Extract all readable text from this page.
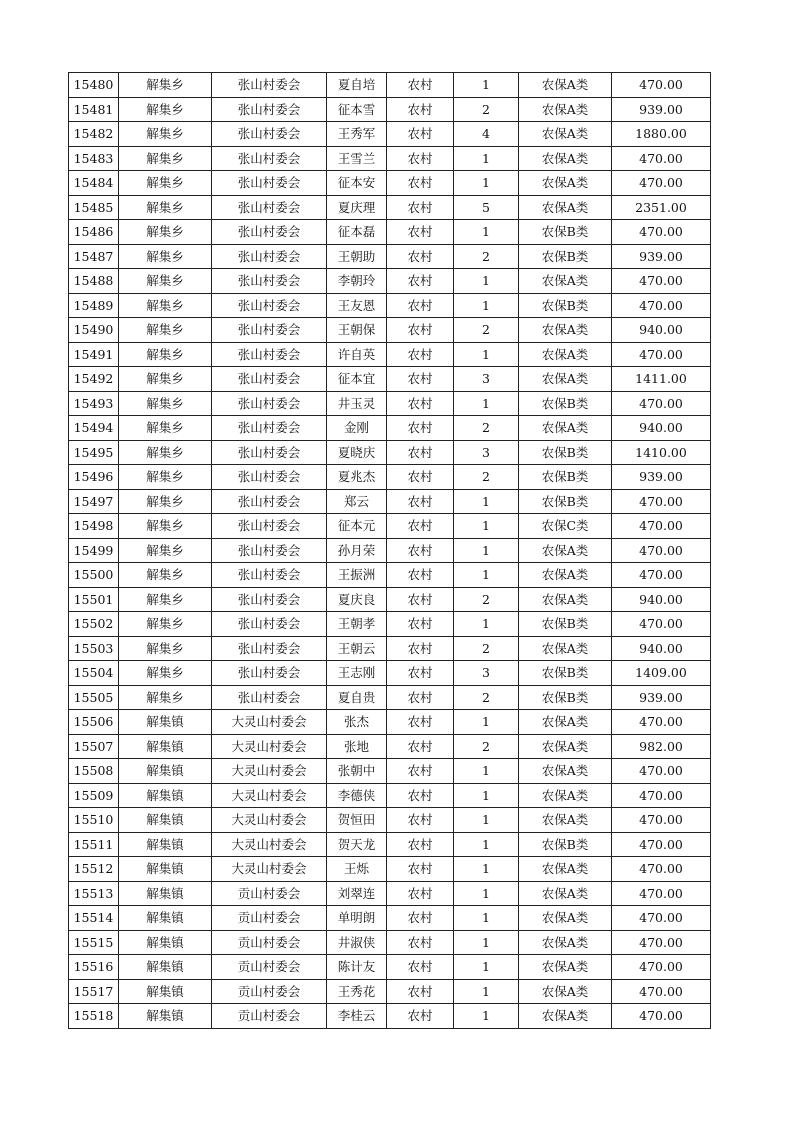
15480	解集乡	张山村委会	夏自培	农村	1	农保A类	470.00
15481	解集乡	张山村委会	征本雪	农村	2	农保A类	939.00
15482	解集乡	张山村委会	王秀军	农村	4	农保A类	1880.00
15483	解集乡	张山村委会	王雪兰	农村	1	农保A类	470.00
15484	解集乡	张山村委会	征本安	农村	1	农保A类	470.00
15485	解集乡	张山村委会	夏庆理	农村	5	农保A类	2351.00
15486	解集乡	张山村委会	征本磊	农村	1	农保B类	470.00
15487	解集乡	张山村委会	王朝助	农村	2	农保B类	939.00
15488	解集乡	张山村委会	李朝玲	农村	1	农保A类	470.00
15489	解集乡	张山村委会	王友恩	农村	1	农保B类	470.00
15490	解集乡	张山村委会	王朝保	农村	2	农保A类	940.00
15491	解集乡	张山村委会	许自英	农村	1	农保A类	470.00
15492	解集乡	张山村委会	征本宜	农村	3	农保A类	1411.00
15493	解集乡	张山村委会	井玉灵	农村	1	农保B类	470.00
15494	解集乡	张山村委会	金刚	农村	2	农保A类	940.00
15495	解集乡	张山村委会	夏晓庆	农村	3	农保B类	1410.00
15496	解集乡	张山村委会	夏兆杰	农村	2	农保B类	939.00
15497	解集乡	张山村委会	郑云	农村	1	农保B类	470.00
15498	解集乡	张山村委会	征本元	农村	1	农保C类	470.00
15499	解集乡	张山村委会	孙月荣	农村	1	农保A类	470.00
15500	解集乡	张山村委会	王振洲	农村	1	农保A类	470.00
15501	解集乡	张山村委会	夏庆良	农村	2	农保A类	940.00
15502	解集乡	张山村委会	王朝孝	农村	1	农保B类	470.00
15503	解集乡	张山村委会	王朝云	农村	2	农保A类	940.00
15504	解集乡	张山村委会	王志刚	农村	3	农保B类	1409.00
15505	解集乡	张山村委会	夏自贵	农村	2	农保B类	939.00
15506	解集镇	大灵山村委会	张杰	农村	1	农保A类	470.00
15507	解集镇	大灵山村委会	张地	农村	2	农保A类	982.00
15508	解集镇	大灵山村委会	张朝中	农村	1	农保A类	470.00
15509	解集镇	大灵山村委会	李德侠	农村	1	农保A类	470.00
15510	解集镇	大灵山村委会	贺恒田	农村	1	农保A类	470.00
15511	解集镇	大灵山村委会	贺天龙	农村	1	农保B类	470.00
15512	解集镇	大灵山村委会	王烁	农村	1	农保A类	470.00
15513	解集镇	贡山村委会	刘翠连	农村	1	农保A类	470.00
15514	解集镇	贡山村委会	单明朗	农村	1	农保A类	470.00
15515	解集镇	贡山村委会	井淑侠	农村	1	农保A类	470.00
15516	解集镇	贡山村委会	陈计友	农村	1	农保A类	470.00
15517	解集镇	贡山村委会	王秀花	农村	1	农保A类	470.00
15518	解集镇	贡山村委会	李桂云	农村	1	农保A类	470.00
